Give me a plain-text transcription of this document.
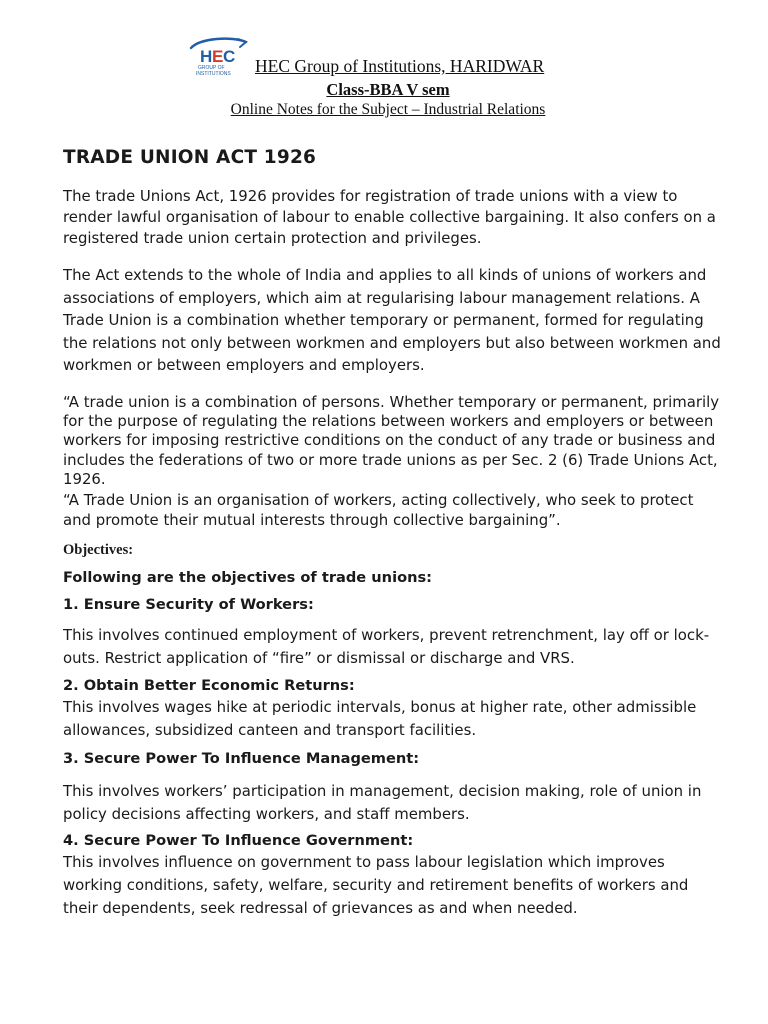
H E C
GROUP OF
INSTITUTIONS HEC Group of Institutions, HARIDWAR
Class-BBA V sem
Online Notes for the Subject – Industrial Relations
TRADE UNION ACT 1926

The trade Unions Act, 1926 provides for registration of trade unions with a view to render lawful organisation of labour to enable collective bargaining. It also confers on a registered trade union certain protection and privileges.

The Act extends to the whole of India and applies to all kinds of unions of workers and associations of employers, which aim at regularising labour management relations. A Trade Union is a combination whether temporary or permanent, formed for regulating the relations not only between workmen and employers but also between workmen and workmen or between employers and employers.

“A trade union is a combination of persons. Whether temporary or permanent, primarily for the purpose of regulating the relations between workers and employers or between workers for imposing restrictive conditions on the conduct of any trade or business and includes the federations of two or more trade unions as per Sec. 2 (6) Trade Unions Act, 1926.

“A Trade Union is an organisation of workers, acting collectively, who seek to protect and promote their mutual interests through collective bargaining”.

Objectives:
Following are the objectives of trade unions:
1. Ensure Security of Workers:

This involves continued employment of workers, prevent retrenchment, lay off or lock-outs. Restrict application of “fire” or dismissal or discharge and VRS.

2. Obtain Better Economic Returns:

This involves wages hike at periodic intervals, bonus at higher rate, other admissible allowances, subsidized canteen and transport facilities.

3. Secure Power To Influence Management:

This involves workers’ participation in management, decision making, role of union in policy decisions affecting workers, and staff members.

4. Secure Power To Influence Government:

This involves influence on government to pass labour legislation which improves working conditions, safety, welfare, security and retirement benefits of workers and their dependents, seek redressal of grievances as and when needed.
